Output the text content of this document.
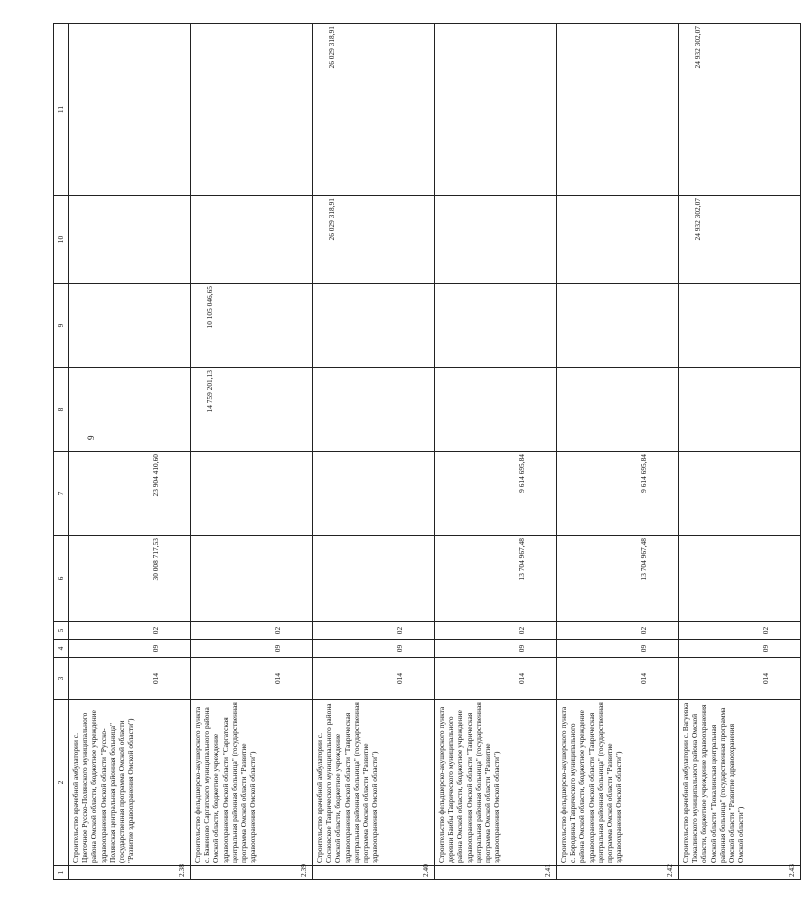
9
1	2	3	4	5	6	7	8	9	10	11
2.38	Строительство врачебной амбулатории с. Цветочное Русско-Полянского муниципального района Омской области, бюджетное учреждение здравоохранения Омской области "Русско-Полянская центральная районная больница" (государственная программа Омской области "Развитие здравоохранения Омской области")	014	09	02	30 008 717,53	23 904 410,60				
2.39	Строительство фельдшерско-акушерского пункта с. Баженово Саргатского муниципального района Омской области, бюджетное учреждение здравоохранения Омской области "Саргатская центральная районная больница" (государственная программа Омской области "Развитие здравоохранения Омской области")	014	09	02			14 759 201,13	10 105 046,65		
2.40	Строительство врачебной амбулатории с. Сосновское Таврического муниципального района Омской области, бюджетное учреждение здравоохранения Омской области "Таврическая центральная районная больница" (государственная программа Омской области "Развитие здравоохранения Омской области")	014	09	02					26 029 318,91	26 029 318,91
2.41	Строительство фельдшерско-акушерского пункта деревни Баибы Таврического муниципального района Омской области, бюджетное учреждение здравоохранения Омской области "Таврическая центральная районная больница" (государственная программа Омской области "Развитие здравоохранения Омской области")	014	09	02	13 704 967,48	9 614 695,84				
2.42	Строительство фельдшерско-акушерского пункта с. Бородинка Таврического муниципального района Омской области, бюджетное учреждение здравоохранения Омской области "Таврическая центральная районная больница" (государственная программа Омской области "Развитие здравоохранения Омской области")	014	09	02	13 704 967,48	9 614 695,84				
2.43	Строительство врачебной амбулатории с. Вагуевка Тюкалинского муниципального района Омской области, бюджетное учреждение здравоохранения Омской области "Тюкалинская центральная районная больница" (государственная программа Омской области "Развитие здравоохранения Омской области")	014	09	02					24 932 302,07	24 932 302,07
